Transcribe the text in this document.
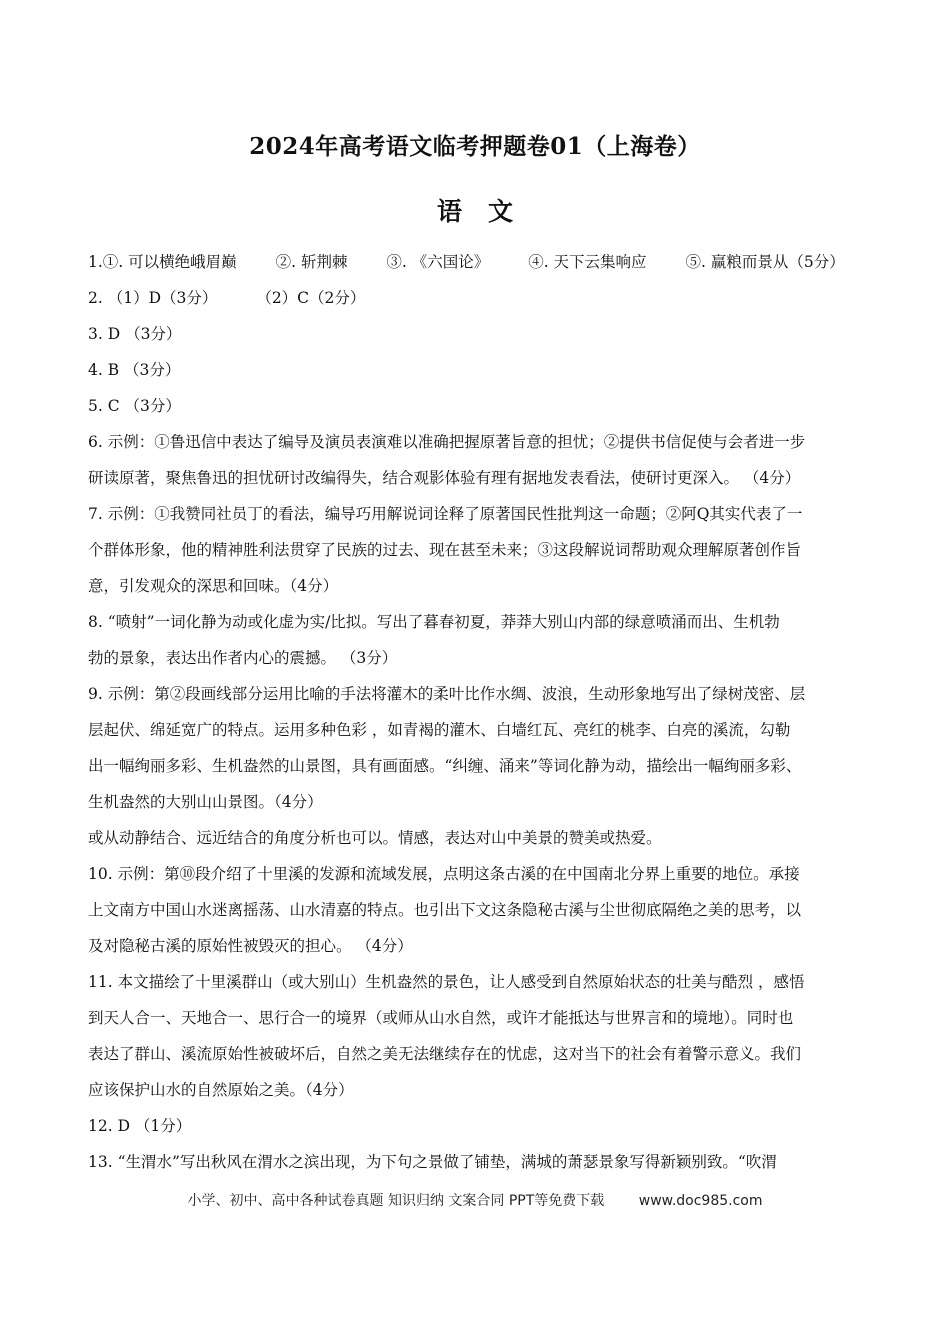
2024年高考语文临考押题卷01（上海卷）
语文
1.①. 可以横绝峨眉巅	②. 斩荆棘	③. 《六国论》	④. 天下云集响应	⑤. 赢粮而景从（5分）
2. （1）D（3分）	（2）C（2分）
3. D （3分）
4. B （3分）
5. C （3分）
6. 示例：①鲁迅信中表达了编导及演员表演难以准确把握原著旨意的担忧；②提供书信促使与会者进一步
研读原著，聚焦鲁迅的担忧研讨改编得失，结合观影体验有理有据地发表看法，使研讨更深入。 （4分）
7. 示例：①我赞同社员丁的看法，编导巧用解说词诠释了原著国民性批判这一命题；②阿Q其实代表了一
个群体形象，他的精神胜利法贯穿了民族的过去、现在甚至未来；③这段解说词帮助观众理解原著创作旨
意，引发观众的深思和回味。（4分）
8. “喷射”一词化静为动或化虚为实/比拟。写出了暮春初夏，莽莽大别山内部的绿意喷涌而出、生机勃
勃的景象，表达出作者内心的震撼。 （3分）
9. 示例：第②段画线部分运用比喻的手法将灌木的柔叶比作水绸、波浪，生动形象地写出了绿树茂密、层
层起伏、绵延宽广的特点。运用多种色彩 ，如青褐的灌木、白墙红瓦、亮红的桃李、白亮的溪流，勾勒
出一幅绚丽多彩、生机盎然的山景图，具有画面感。“纠缠、涌来”等词化静为动，描绘出一幅绚丽多彩、
生机盎然的大别山山景图。（4分）
或从动静结合、远近结合的角度分析也可以。情感，表达对山中美景的赞美或热爱。
10. 示例：第⑩段介绍了十里溪的发源和流域发展，点明这条古溪的在中国南北分界上重要的地位。承接
上文南方中国山水迷离摇荡、山水清嘉的特点。也引出下文这条隐秘古溪与尘世彻底隔绝之美的思考，以
及对隐秘古溪的原始性被毁灭的担心。 （4分）
11. 本文描绘了十里溪群山（或大别山）生机盎然的景色，让人感受到自然原始状态的壮美与酷烈 ，感悟
到天人合一、天地合一、思行合一的境界（或师从山水自然，或许才能抵达与世界言和的境地）。同时也
表达了群山、溪流原始性被破坏后，自然之美无法继续存在的忧虑，这对当下的社会有着警示意义。我们
应该保护山水的自然原始之美。（4分）
12. D （1分）
13. “生渭水”写出秋风在渭水之滨出现，为下句之景做了铺垫，满城的萧瑟景象写得新颖别致。“吹渭
小学、初中、高中各种试卷真题 知识归纳 文案合同 PPT等免费下载 www.doc985.com
